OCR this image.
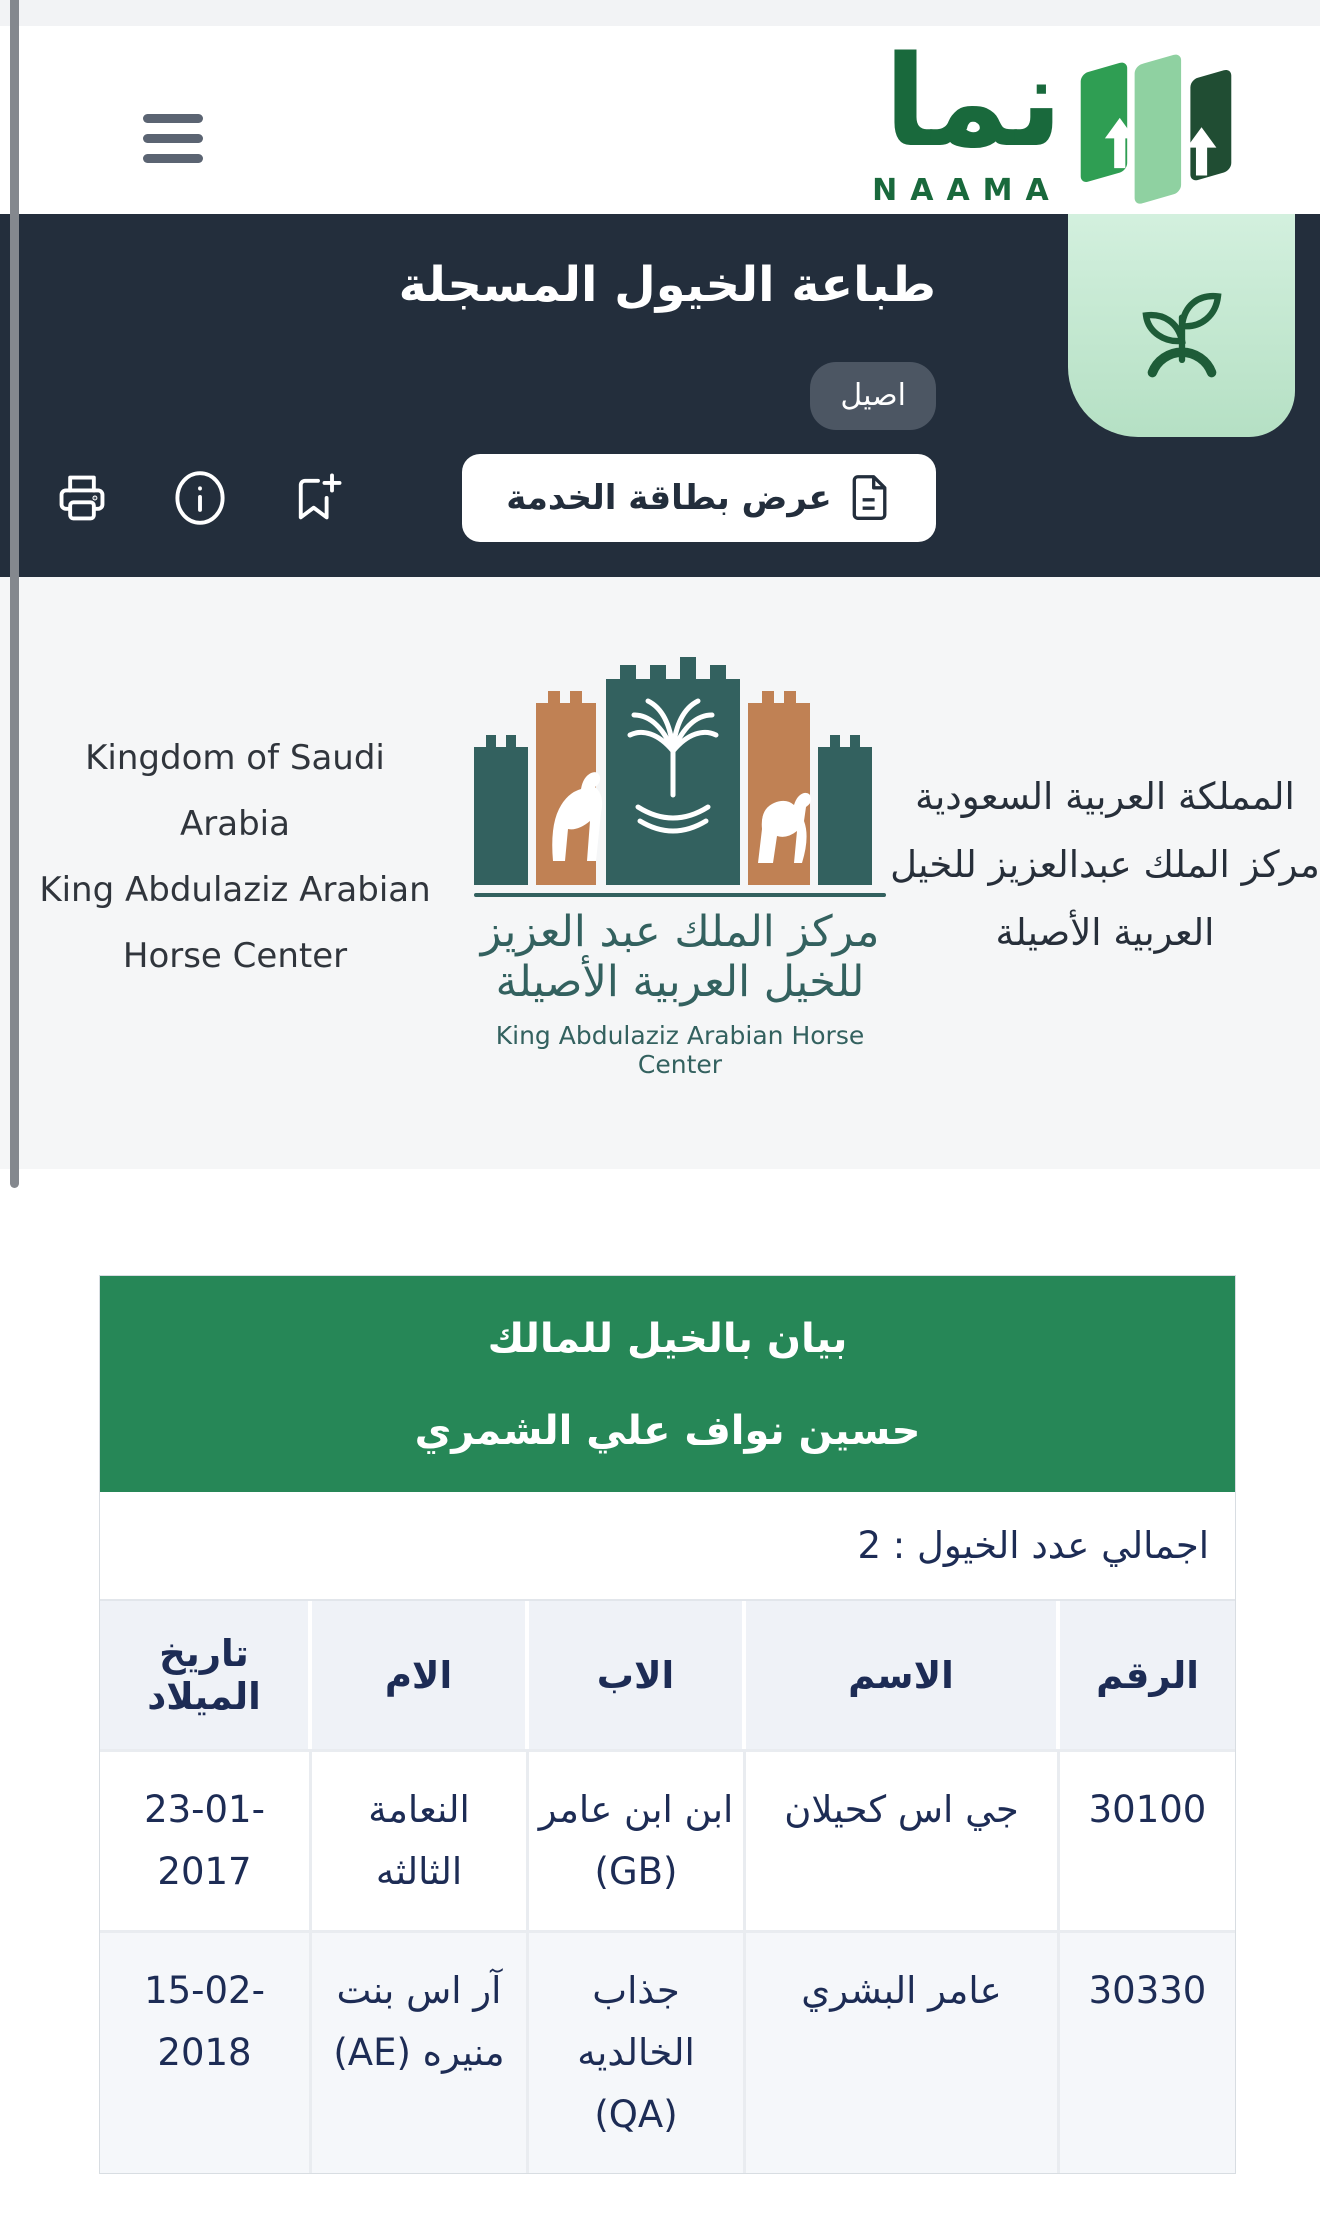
نما
NAAMA
طباعة الخيول المسجلة
اصيل
عرض بطاقة الخدمة
Kingdom of Saudi
Arabia
King Abdulaziz Arabian
Horse Center	مركز الملك عبد العزيز
للخيل العربية الأصيلة
King Abdulaziz Arabian Horse Center
المملكة العربية السعودية
مركز الملك عبدالعزيز للخيل
العربية الأصيلة
بيان بالخيل للمالك
حسين نواف علي الشمري
اجمالي عدد الخيول : 2
الرقم	الاسم	الاب	الام	تاريخ الميلاد
30100	جي اس كحيلان	ابن ابن عامر (GB)	النعامة الثالثه	23-01-2017
30330	عامر البشري	جذاب الخالديه (QA)	آر اس بنت منيره (AE)	15-02-2018
